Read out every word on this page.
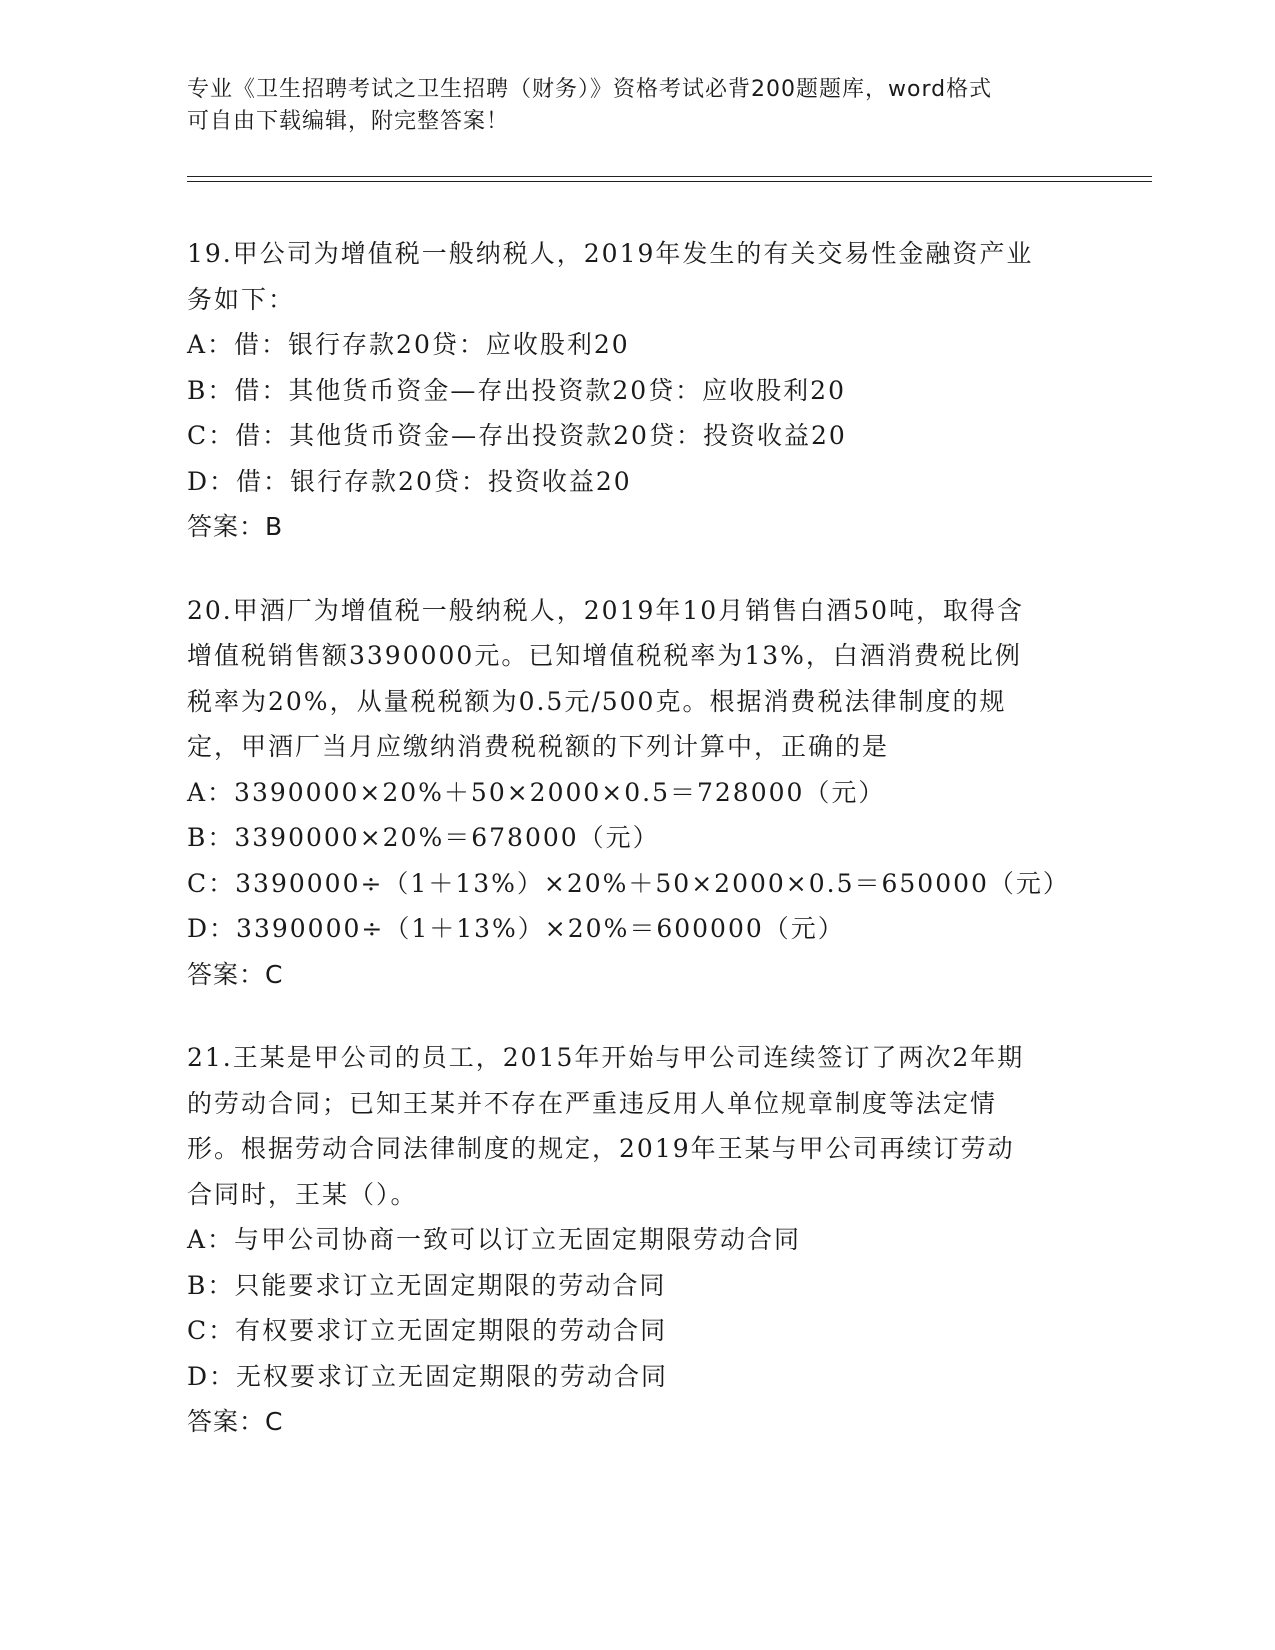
专业《卫生招聘考试之卫生招聘（财务）》资格考试必背200题题库，word格式
可自由下载编辑，附完整答案！
19.甲公司为增值税一般纳税人，2019年发生的有关交易性金融资产业
务如下：
A：借：银行存款20贷：应收股利20
B：借：其他货币资金—存出投资款20贷：应收股利20
C：借：其他货币资金—存出投资款20贷：投资收益20
D：借：银行存款20贷：投资收益20
答案：B
20.甲酒厂为增值税一般纳税人，2019年10月销售白酒50吨，取得含
增值税销售额3390000元。已知增值税税率为13%，白酒消费税比例
税率为20%，从量税税额为0.5元/500克。根据消费税法律制度的规
定，甲酒厂当月应缴纳消费税税额的下列计算中，正确的是
A：3390000×20%＋50×2000×0.5＝728000（元）
B：3390000×20%＝678000（元）
C：3390000÷（1＋13%）×20%＋50×2000×0.5＝650000（元）
D：3390000÷（1＋13%）×20%＝600000（元）
答案：C
21.王某是甲公司的员工，2015年开始与甲公司连续签订了两次2年期
的劳动合同；已知王某并不存在严重违反用人单位规章制度等法定情
形。根据劳动合同法律制度的规定，2019年王某与甲公司再续订劳动
合同时，王某（）。
A：与甲公司协商一致可以订立无固定期限劳动合同
B：只能要求订立无固定期限的劳动合同
C：有权要求订立无固定期限的劳动合同
D：无权要求订立无固定期限的劳动合同
答案：C
